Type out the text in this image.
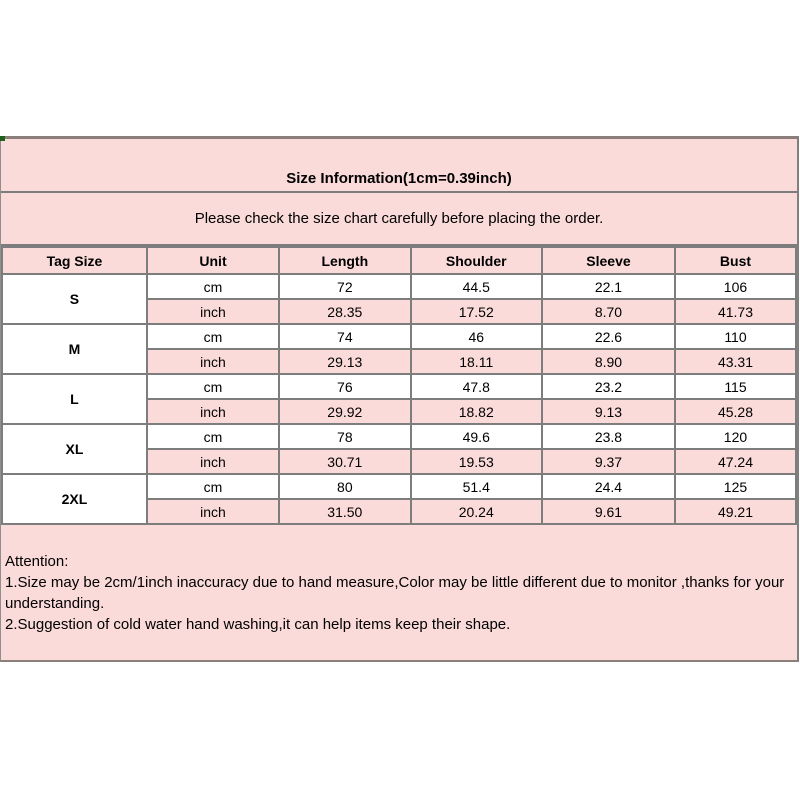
Size Information(1cm=0.39inch)
Please check the size chart carefully before placing the order.
Tag Size	Unit	Length	Shoulder	Sleeve	Bust
S	cm	72	44.5	22.1	106
	inch	28.35	17.52	8.70	41.73
M	cm	74	46	22.6	110
	inch	29.13	18.11	8.90	43.31
L	cm	76	47.8	23.2	115
	inch	29.92	18.82	9.13	45.28
XL	cm	78	49.6	23.8	120
	inch	30.71	19.53	9.37	47.24
2XL	cm	80	51.4	24.4	125
	inch	31.50	20.24	9.61	49.21
Attention:
1.Size may be 2cm/1inch inaccuracy due to hand measure,Color may be little different due to monitor ,thanks for your understanding.
2.Suggestion of cold water hand washing,it can help items keep their shape.
